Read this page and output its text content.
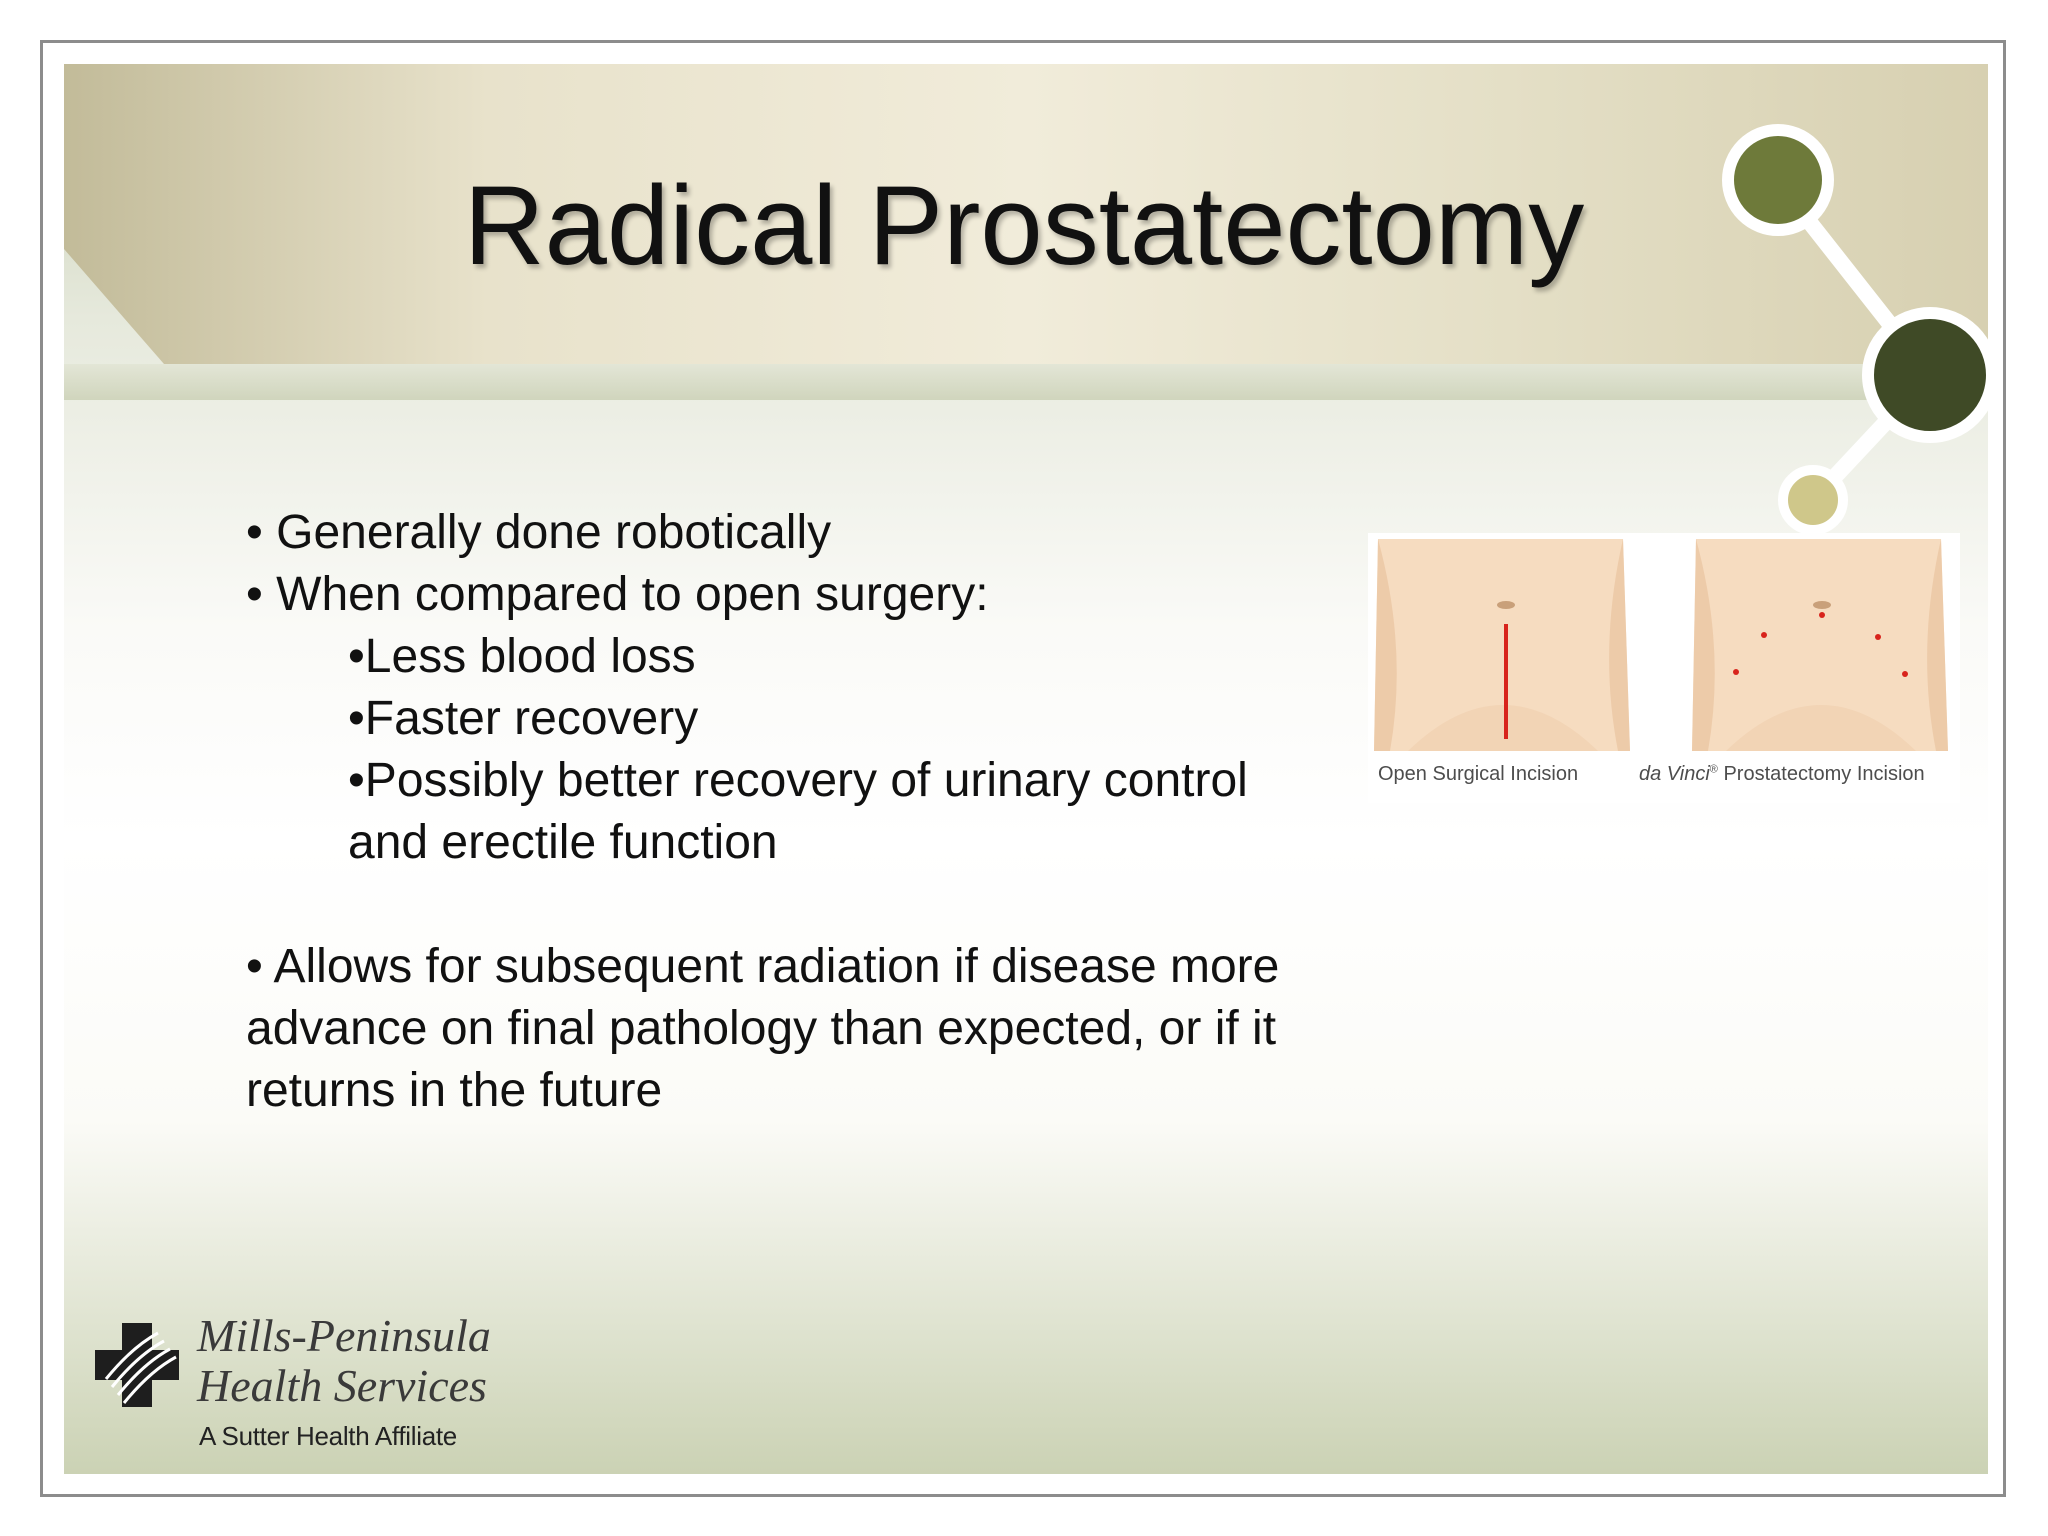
Radical Prostatectomy

• Generally done robotically

• When compared to open surgery:

•Less blood loss

•Faster recovery

•Possibly better recovery of urinary control

and erectile function

• Allows for subsequent radiation if disease more

advance on final pathology than expected, or if it

returns in the future

Open Surgical Incision	da Vinci® Prostatectomy Incision
Mills-Peninsula
Health Services
A Sutter Health Affiliate
